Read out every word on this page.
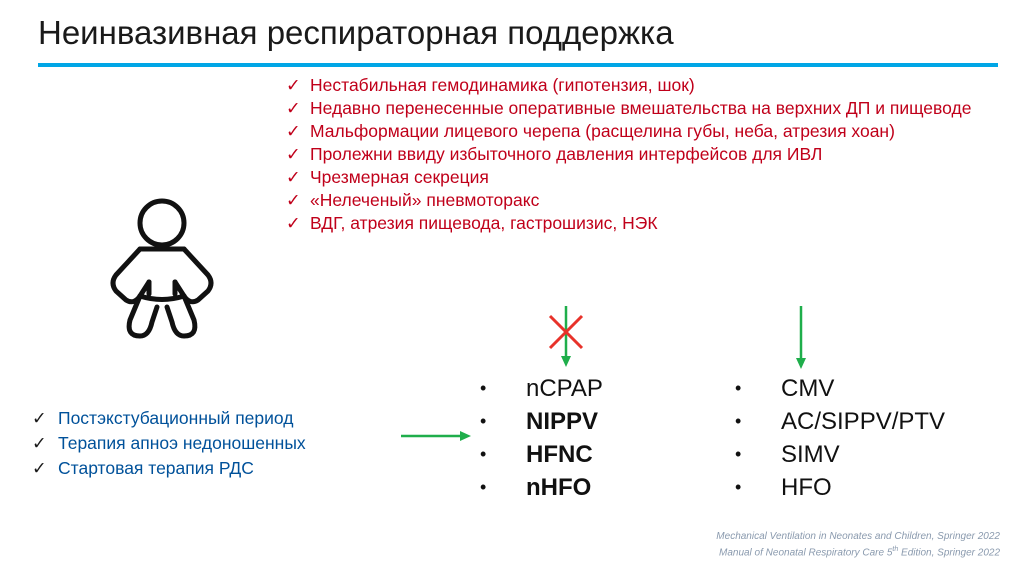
Неинвазивная респираторная поддержка
✓ Нестабильная гемодинамика (гипотензия, шок)
✓ Недавно перенесенные оперативные вмешательства на верхних ДП и пищеводе
✓ Мальформации лицевого черепа (расщелина губы, неба, атрезия хоан)
✓ Пролежни ввиду избыточного давления интерфейсов для ИВЛ
✓ Чрезмерная секреция
✓ «Нелеченый» пневмоторакс
✓ ВДГ, атрезия пищевода, гастрошизис, НЭК
✓ Постэкстубационный период
✓ Терапия апноэ недоношенных
✓ Стартовая терапия РДС
• nCPAP
• NIPPV
• HFNC
• nHFO
• CMV
• AC/SIPPV/PTV
• SIMV
• HFO
Mechanical Ventilation in Neonates and Children, Springer 2022
Manual of Neonatal Respiratory Care 5th Edition, Springer 2022
